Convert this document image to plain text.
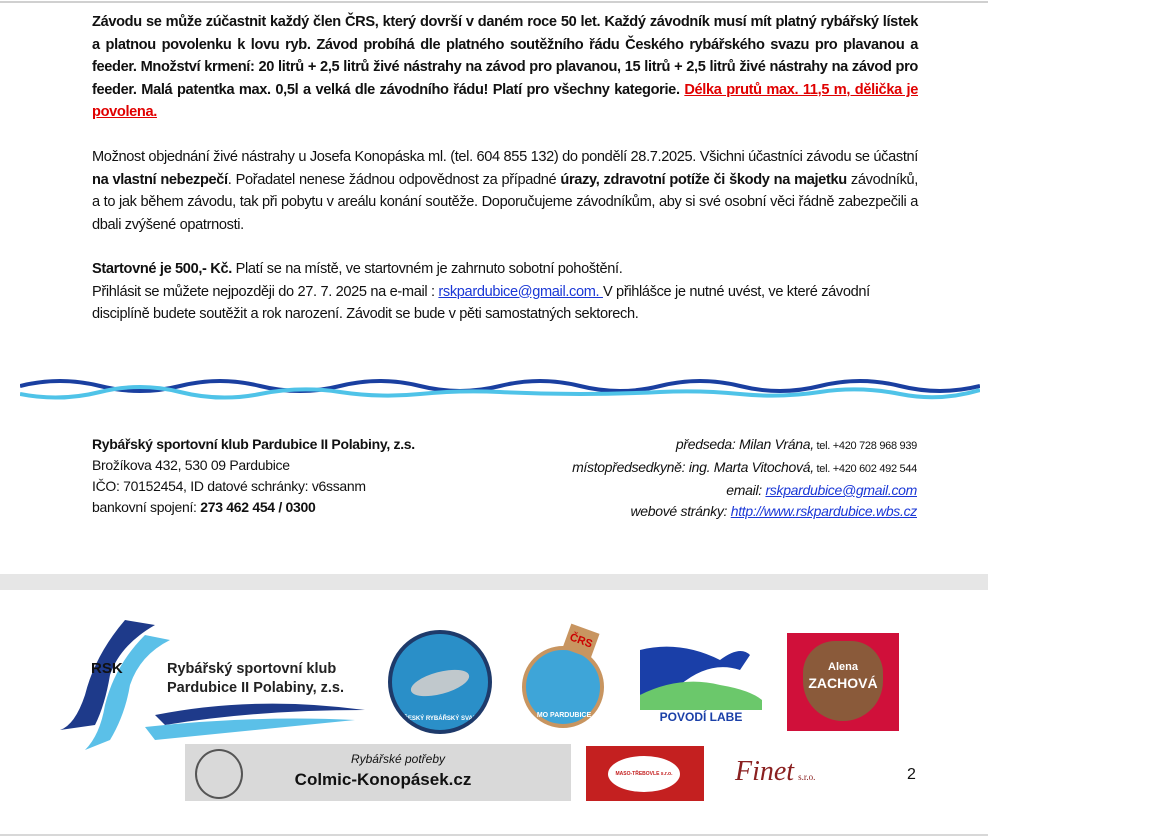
Závodu se může zúčastnit každý člen ČRS, který dovrší v daném roce 50 let. Každý závodník musí mít platný rybářský lístek a platnou povolenku k lovu ryb. Závod probíhá dle platného soutěžního řádu Českého rybářského svazu pro plavanou a feeder. Množství krmení: 20 litrů + 2,5 litrů živé nástrahy na závod pro plavanou, 15 litrů + 2,5 litrů živé nástrahy na závod pro feeder. Malá patentka max. 0,5l a velká dle závodního řádu! Platí pro všechny kategorie. Délka prutů max. 11,5 m, dělička je povolena.
Možnost objednání živé nástrahy u Josefa Konopáska ml. (tel. 604 855 132) do pondělí 28.7.2025. Všichni účastníci závodu se účastní na vlastní nebezpečí. Pořadatel nenese žádnou odpovědnost za případné úrazy, zdravotní potíže či škody na majetku závodníků, a to jak během závodu, tak při pobytu v areálu konání soutěže. Doporučujeme závodníkům, aby si své osobní věci řádně zabezpečili a dbali zvýšené opatrnosti.
Startovné je 500,- Kč. Platí se na místě, ve startovném je zahrnuto sobotní pohoštění.
Přihlásit se můžete nejpozději do 27. 7. 2025 na e-mail : rskpardubice@gmail.com. V přihlášce je nutné uvést, ve které závodní disciplíně budete soutěžit a rok narození. Závodit se bude v pěti samostatných sektorech.
Rybářský sportovní klub Pardubice II Polabiny, z.s.
Brožíkova 432, 530 09 Pardubice
IČO: 70152454, ID datové schránky: v6ssanm
bankovní spojení: 273 462 454 / 0300
předseda: Milan Vrána, tel. +420 728 968 939
místopředsedkyně: ing. Marta Vitochová, tel. +420 602 492 544
email: rskpardubice@gmail.com
webové stránky: http://www.rskpardubice.wbs.cz
RSK	Rybářský sportovní klub
Pardubice II Polabiny, z.s.
ČESKÝ RYBÁŘSKÝ SVAZ
ČRS
MO PARDUBICE	POVODÍ LABE
Alena
ZACHOVÁ
Rybářské potřeby
Colmic-Konopásek.cz	MASO-TŘEBOVLE s.r.o. Finet s.r.o.	2
